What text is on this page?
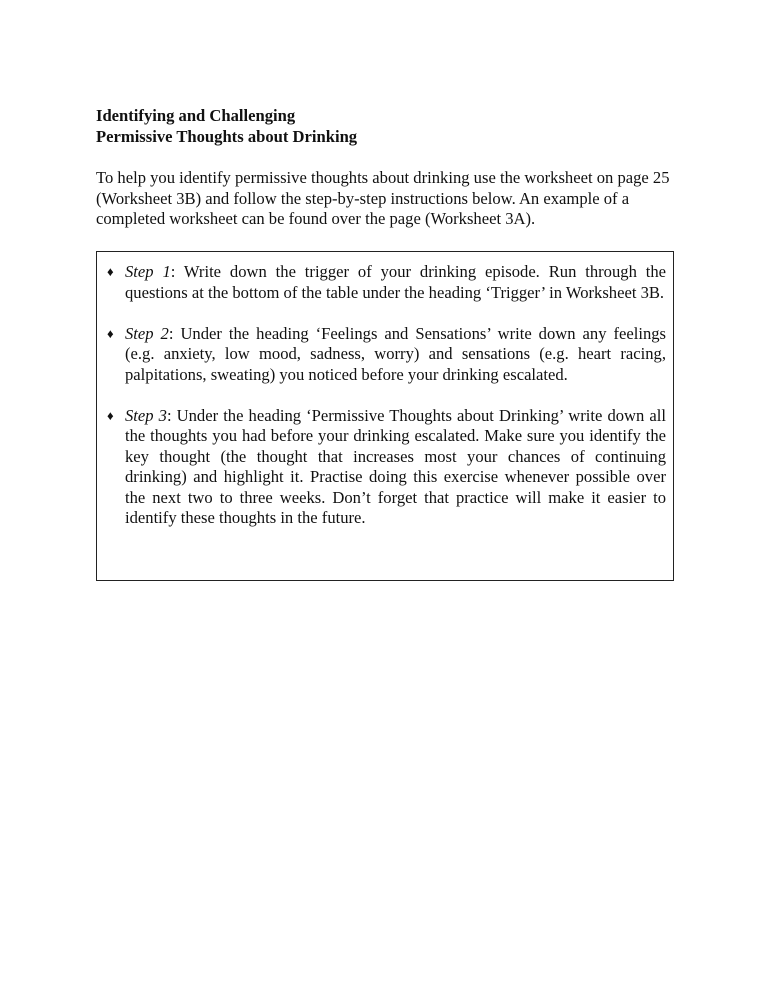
Identifying and Challenging
Permissive Thoughts about Drinking

To help you identify permissive thoughts about drinking use the worksheet on page 25 (Worksheet 3B) and follow the step-by-step instructions below. An example of a completed worksheet can be found over the page (Worksheet 3A).

♦ Step 1: Write down the trigger of your drinking episode. Run through the questions at the bottom of the table under the heading ‘Trigger’ in Worksheet 3B.
♦ Step 2: Under the heading ‘Feelings and Sensations’ write down any feelings (e.g. anxiety, low mood, sadness, worry) and sensations (e.g. heart racing, palpitations, sweating) you noticed before your drinking escalated.
♦ Step 3: Under the heading ‘Permissive Thoughts about Drinking’ write down all the thoughts you had before your drinking escalated. Make sure you identify the key thought (the thought that increases most your chances of continuing drinking) and highlight it. Practise doing this exercise whenever possible over the next two to three weeks. Don’t forget that practice will make it easier to identify these thoughts in the future.
